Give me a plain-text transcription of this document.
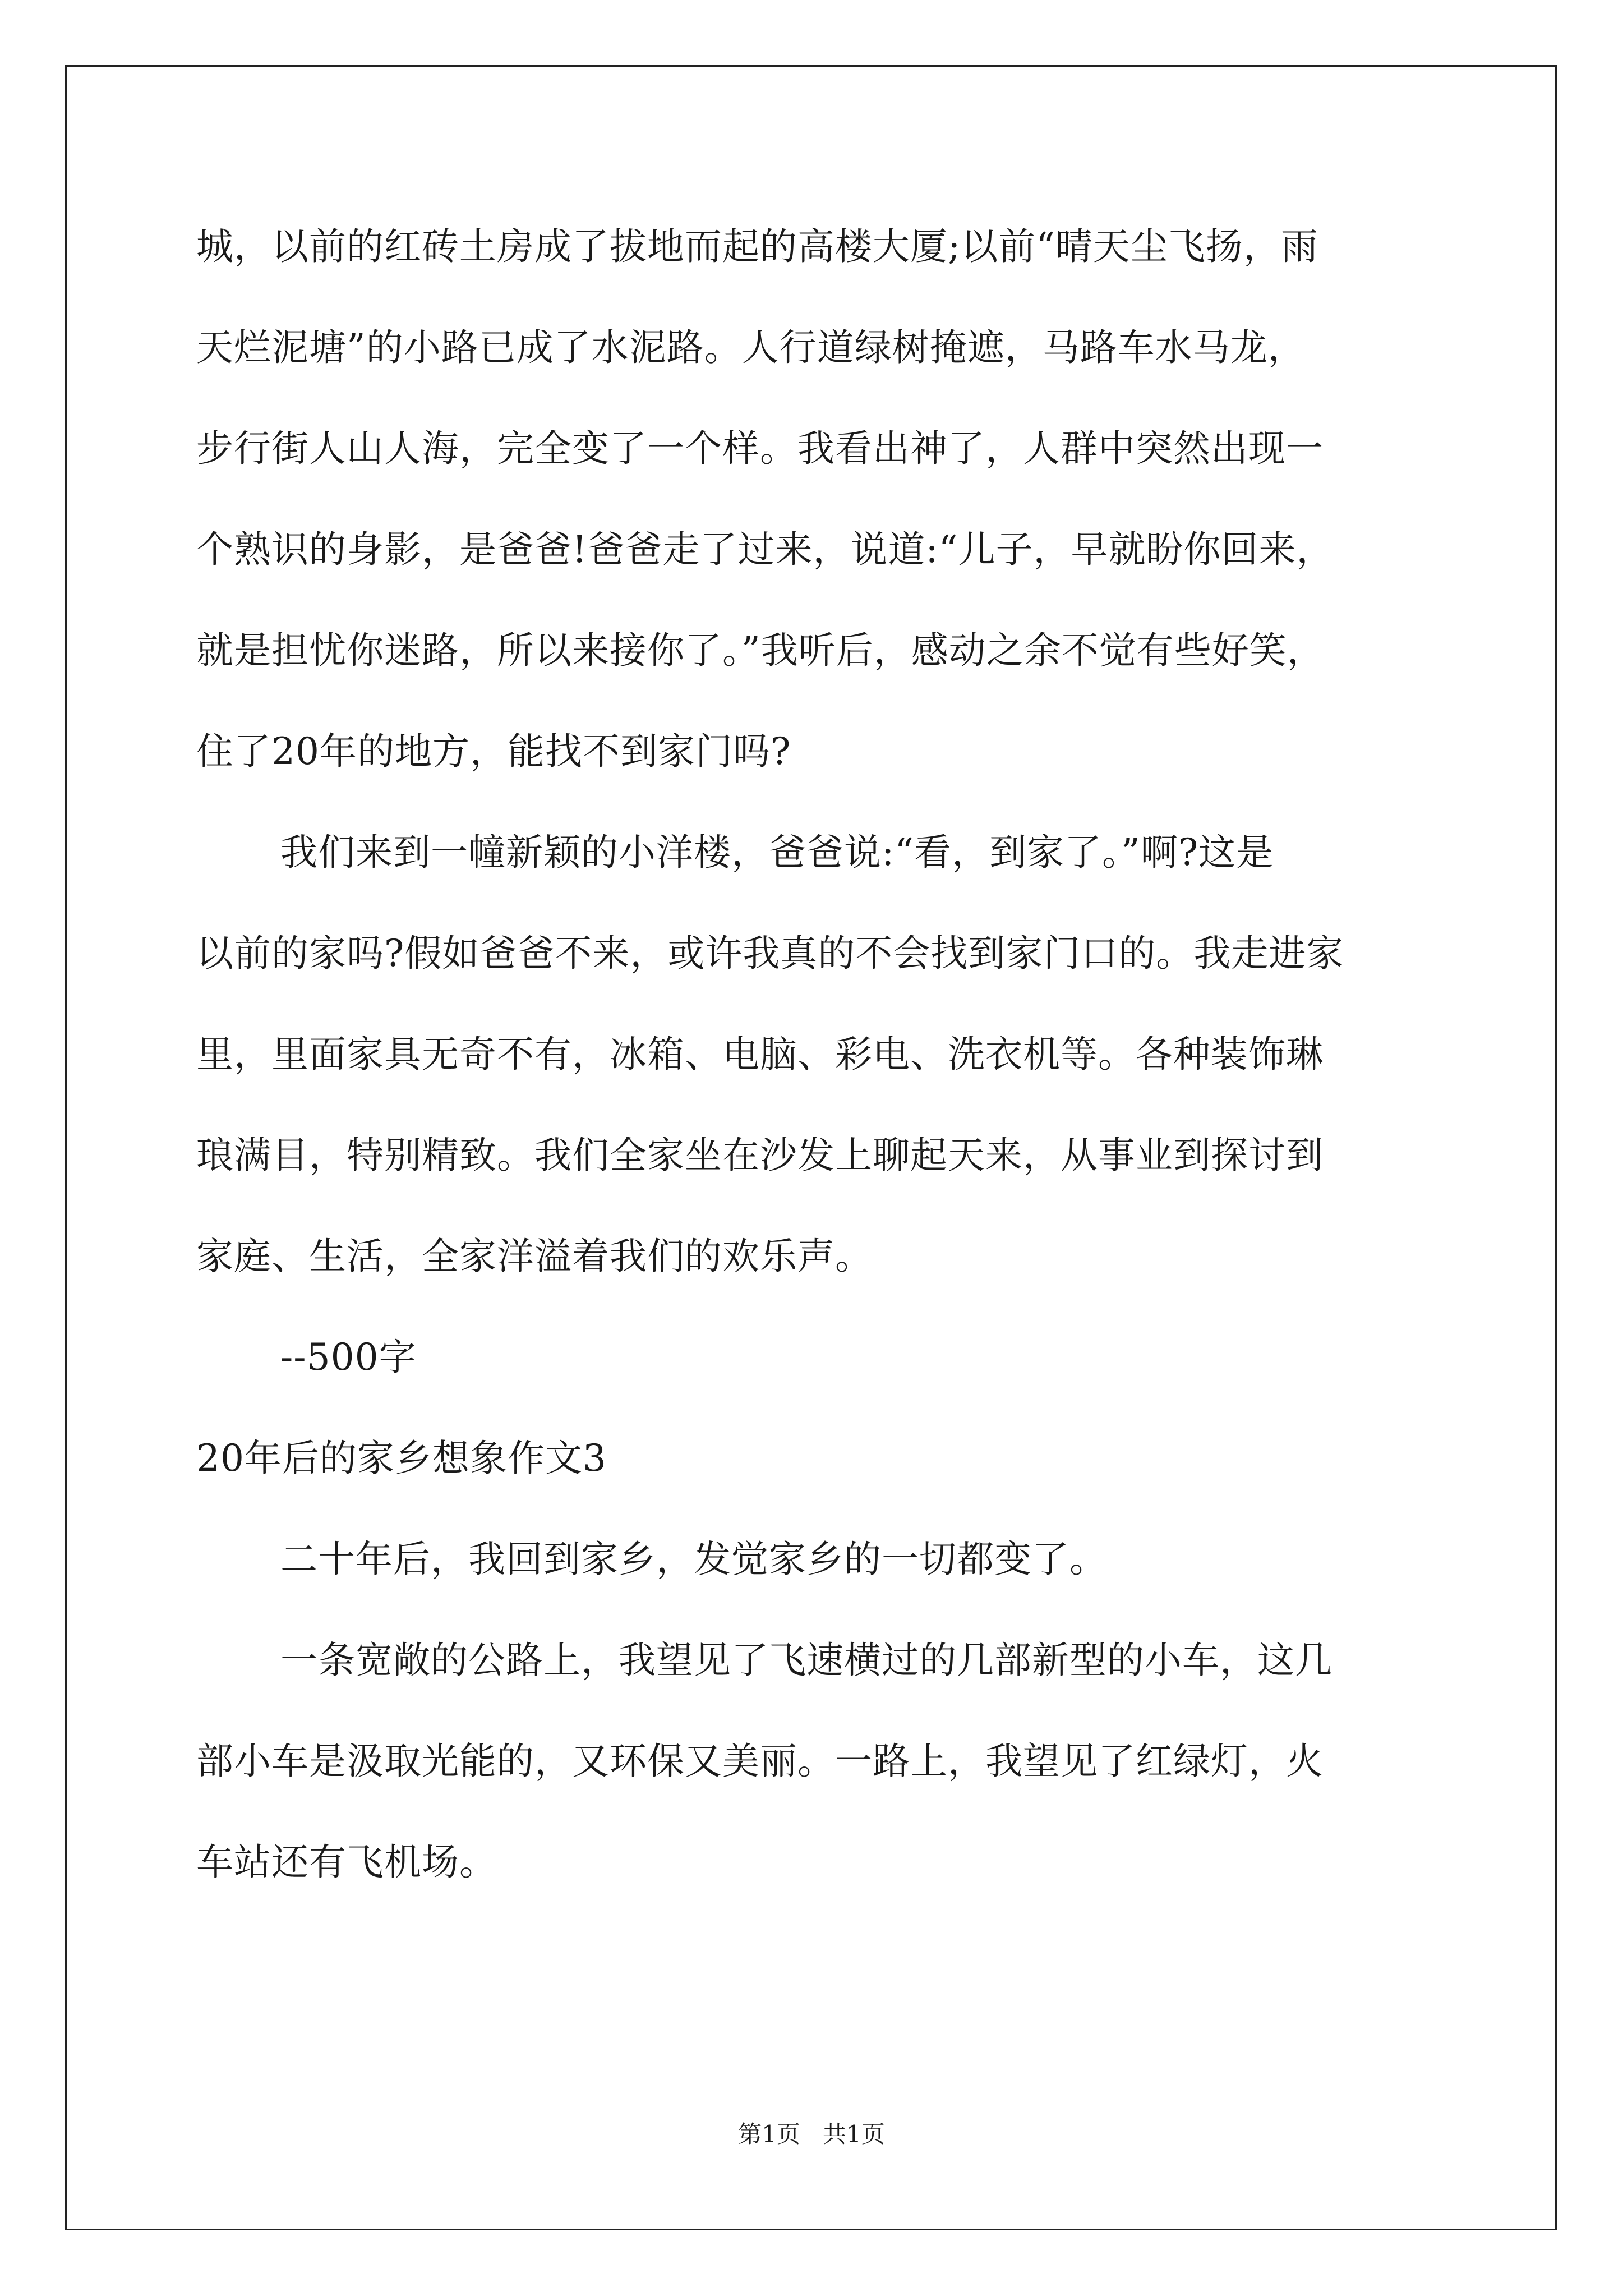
城，以前的红砖土房成了拔地而起的高楼大厦;以前“晴天尘飞扬，雨
天烂泥塘”的小路已成了水泥路。人行道绿树掩遮，马路车水马龙，
步行街人山人海，完全变了一个样。我看出神了，人群中突然出现一
个熟识的身影，是爸爸!爸爸走了过来，说道:“儿子，早就盼你回来，
就是担忧你迷路，所以来接你了。”我听后，感动之余不觉有些好笑，
住了20年的地方，能找不到家门吗?
我们来到一幢新颖的小洋楼，爸爸说:“看，到家了。”啊?这是
以前的家吗?假如爸爸不来，或许我真的不会找到家门口的。我走进家
里，里面家具无奇不有，冰箱、电脑、彩电、洗衣机等。各种装饰琳
琅满目，特别精致。我们全家坐在沙发上聊起天来，从事业到探讨到
家庭、生活，全家洋溢着我们的欢乐声。
--500字
20年后的家乡想象作文3
二十年后，我回到家乡，发觉家乡的一切都变了。
一条宽敞的公路上，我望见了飞速横过的几部新型的小车，这几
部小车是汲取光能的，又环保又美丽。一路上，我望见了红绿灯，火
车站还有飞机场。
第1页   共1页
